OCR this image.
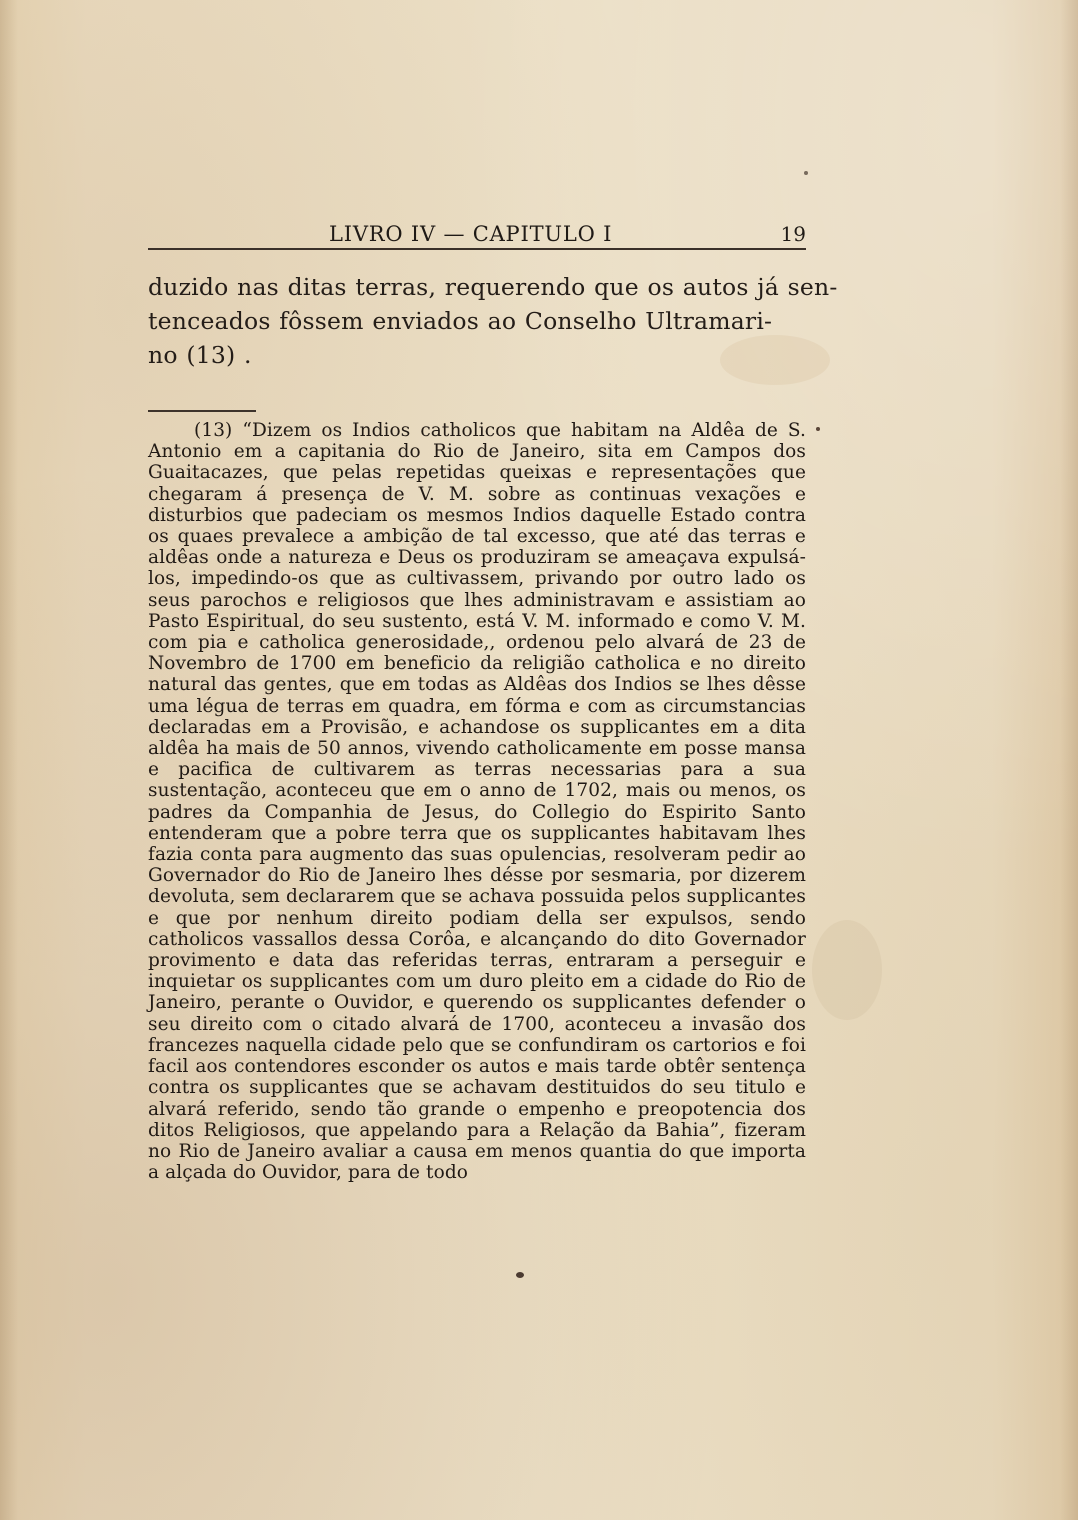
LIVRO IV — CAPITULO I	19
duzido nas ditas terras, requerendo que os autos já sen-
tenceados fôssem enviados ao Conselho Ultramari-
no (13) .
(13) “Dizem os Indios catholicos que habitam na Aldêa de S. Antonio em a capitania do Rio de Janeiro, sita em Campos dos Guaitacazes, que pelas repetidas queixas e representações que chegaram á presença de V. M. sobre as continuas vexações e disturbios que padeciam os mesmos Indios daquelle Estado contra os quaes prevalece a ambição de tal excesso, que até das terras e aldêas onde a natureza e Deus os produziram se ameaçava expulsá-los, impedindo-os que as cultivassem, privando por outro lado os seus parochos e religiosos que lhes administravam e assistiam ao Pasto Espiritual, do seu sustento, está V. M. informado e como V. M. com pia e catholica generosidade,, ordenou pelo alvará de 23 de Novembro de 1700 em beneficio da religião catholica e no direito natural das gentes, que em todas as Aldêas dos Indios se lhes dêsse uma légua de terras em quadra, em fórma e com as circumstancias declaradas em a Provisão, e achandose os supplicantes em a dita aldêa ha mais de 50 annos, vivendo catholicamente em posse mansa e pacifica de cultivarem as terras necessarias para a sua sustentação, aconteceu que em o anno de 1702, mais ou menos, os padres da Companhia de Jesus, do Collegio do Espirito Santo entenderam que a pobre terra que os supplicantes habitavam lhes fazia conta para augmento das suas opulencias, resolveram pedir ao Governador do Rio de Janeiro lhes désse por sesmaria, por dizerem devoluta, sem declararem que se achava possuida pelos supplicantes e que por nenhum direito podiam della ser expulsos, sendo catholicos vassallos dessa Corôa, e alcançando do dito Governador provimento e data das referidas terras, entraram a perseguir e inquietar os supplicantes com um duro pleito em a cidade do Rio de Janeiro, perante o Ouvidor, e querendo os supplicantes defender o seu direito com o citado alvará de 1700, aconteceu a invasão dos francezes naquella cidade pelo que se confundiram os cartorios e foi facil aos contendores esconder os autos e mais tarde obtêr sentença contra os supplicantes que se achavam destituidos do seu titulo e alvará referido, sendo tão grande o empenho e preopotencia dos ditos Religiosos, que appelando para a Relação da Bahia”, fizeram no Rio de Janeiro avaliar a causa em menos quantia do que importa a alçada do Ouvidor, para de todo
